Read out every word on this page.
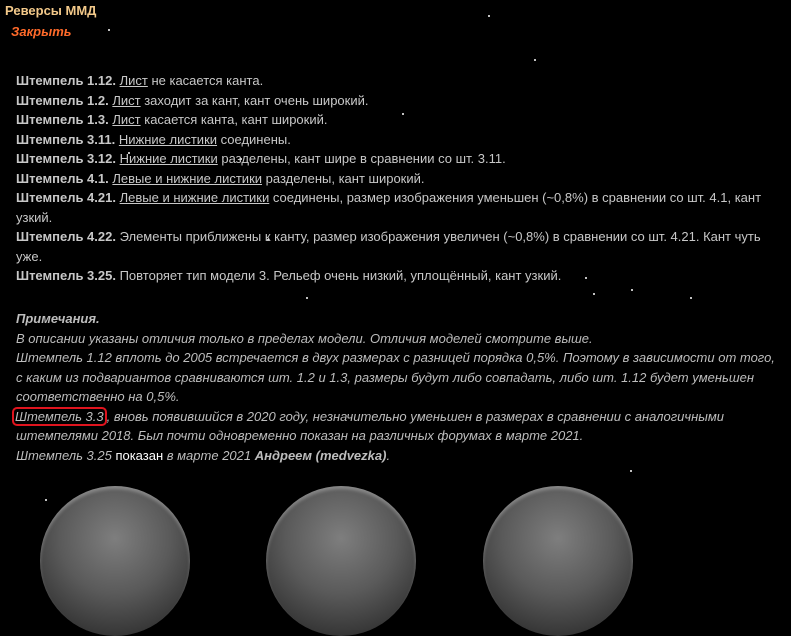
Реверсы ММД
Закрыть

Штемпель 1.12. Лист не касается канта.

Штемпель 1.2. Лист заходит за кант, кант очень широкий.

Штемпель 1.3. Лист касается канта, кант широкий.

Штемпель 3.11. Нижние листики соединены.

Штемпель 3.12. Нижние листики разделены, кант шире в сравнении со шт. 3.11.

Штемпель 4.1. Левые и нижние листики разделены, кант широкий.

Штемпель 4.21. Левые и нижние листики соединены, размер изображения уменьшен (~0,8%) в сравнении со шт. 4.1, кант узкий.

Штемпель 4.22. Элементы приближены к канту, размер изображения увеличен (~0,8%) в сравнении со шт. 4.21. Кант чуть уже.

Штемпель 3.25. Повторяет тип модели 3. Рельеф очень низкий, уплощённый, кант узкий.

Примечания.

В описании указаны отличия только в пределах модели. Отличия моделей смотрите выше.

Штемпель 1.12 вплоть до 2005 встречается в двух размерах с разницей порядка 0,5%. Поэтому в зависимости от того, с каким из подвариантов сравниваются шт. 1.2 и 1.3, размеры будут либо совпадать, либо шт. 1.12 будет уменьшен соответственно на 0,5%.

Штемпель 3.3 , вновь появившийся в 2020 году, незначительно уменьшен в размерах в сравнении с аналогичными штемпелями 2018. Был почти одновременно показан на различных форумах в марте 2021.

Штемпель 3.25 показан в марте 2021 Андреем (medvezka).
